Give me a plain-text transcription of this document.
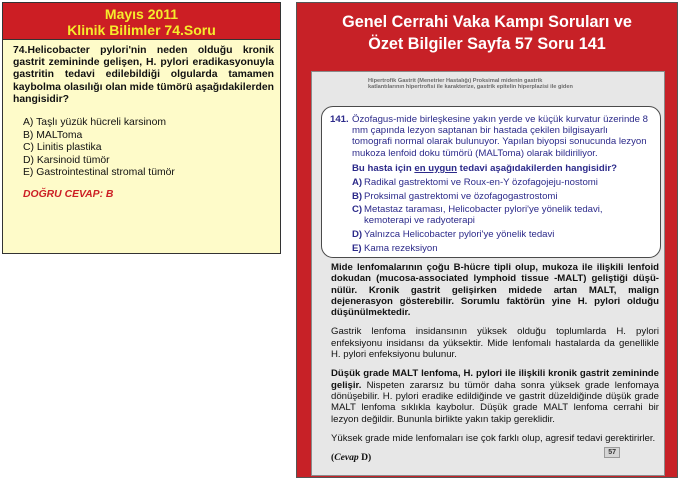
Mayıs 2011
Klinik Bilimler 74.Soru

74.Helicobacter pylori'nin neden olduğu kronik gastrit zemininde gelişen, H. pylori eradikasyonuyla gastritin tedavi edilebildiği olgularda tamamen kaybolma olasılığı olan mide tümörü aşağıdakilerden hangisidir?

A) Taşlı yüzük hücreli karsinom
B) MALToma
C) Linitis plastika
D) Karsinoid tümör
E) Gastrointestinal stromal tümör
DOĞRU CEVAP: B
Genel Cerrahi Vaka Kampı Soruları ve
Özet Bilgiler Sayfa 57 Soru 141
Hipertrofik Gastrit (Menetrier Hastalığı) Proksimal midenin gastrik
katlantılarının hipertrofisi ile karakterize, gastrik epitelin hiperplazisi ile giden
141. Özofagus-mide birleşkesine yakın yerde ve küçük kurvatur üzerinde 8 mm çapında lezyon saptanan bir hastada çekilen bilgisayarlı tomografi normal olarak bulunuyor. Yapılan biyopsi sonucunda lezyon mukoza lenfoid doku tümörü (MALToma) olarak bildiriliyor.
Bu hasta için en uygun tedavi aşağıdakilerden hangisidir?
A) Radikal gastrektomi ve Roux-en-Y özofagojeju-nostomi
B) Proksimal gastrektomi ve özofagogastrostomi
C) Metastaz taraması, Helicobacter pylori'ye yönelik tedavi, kemoterapi ve radyoterapi
D) Yalnızca Helicobacter pylori'ye yönelik tedavi
E) Kama rezeksiyon

Mide lenfomalarının çoğu B-hücre tipli olup, mukoza ile ilişkili lenfoid dokudan (mucosa-associated lymphoid tissue -MALT) geliştiği düşü-nülür. Kronik gastrit gelişirken midede artan MALT, malign dejenerasyon gösterebilir. Sorumlu faktörün yine H. pylori olduğu düşünülmektedir.

Gastrik lenfoma insidansının yüksek olduğu toplumlarda H. pylori enfeksiyonu insidansı da yüksektir. Mide lenfomalı hastalarda da genellikle H. pylori enfeksiyonu bulunur.

Düşük grade MALT lenfoma, H. pylori ile ilişkili kronik gastrit zemininde gelişir. Nispeten zararsız bu tümör daha sonra yüksek grade lenfomaya dönüşebilir. H. pylori eradike edildiğinde ve gastrit düzeldiğinde düşük grade MALT lenfoma sıklıkla kaybolur. Düşük grade MALT lenfoma cerrahi bir lezyon değildir. Bununla birlikte yakın takip gereklidir.

Yüksek grade mide lenfomaları ise çok farklı olup, agresif tedavi gerektirirler.

(Cevap D)	57
